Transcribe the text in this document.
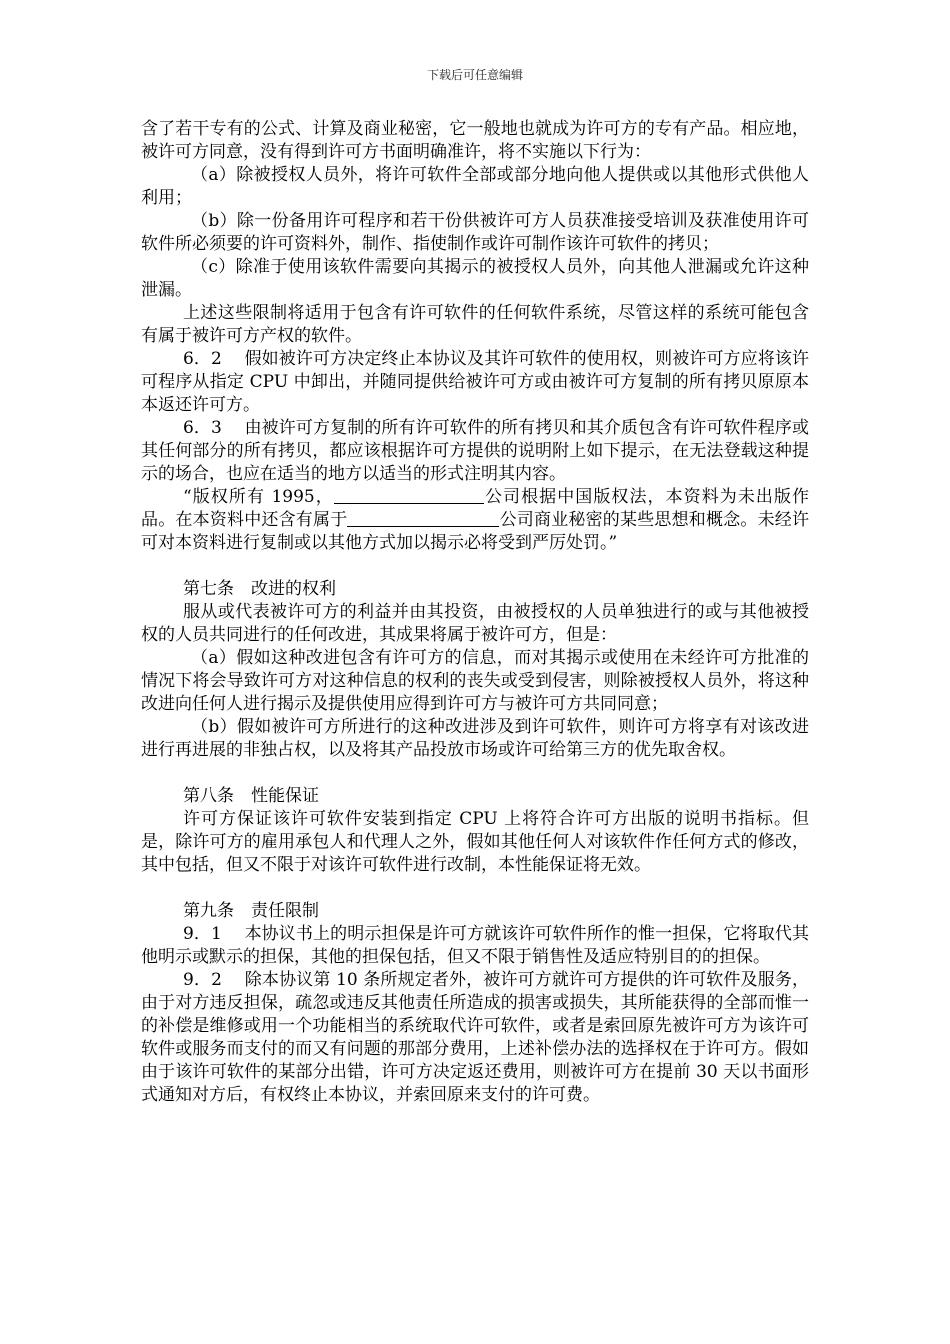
下载后可任意编辑

含了若干专有的公式、计算及商业秘密，它一般地也就成为许可方的专有产品。相应地，被许可方同意，没有得到许可方书面明确准许，将不实施以下行为：

（a）除被授权人员外，将许可软件全部或部分地向他人提供或以其他形式供他人利用；

（b）除一份备用许可程序和若干份供被许可方人员获准接受培训及获准使用许可软件所必须要的许可资料外，制作、指使制作或许可制作该许可软件的拷贝；

（c）除准于使用该软件需要向其揭示的被授权人员外，向其他人泄漏或允许这种泄漏。

上述这些限制将适用于包含有许可软件的任何软件系统，尽管这样的系统可能包含有属于被许可方产权的软件。

6．2　 假如被许可方决定终止本协议及其许可软件的使用权，则被许可方应将该许可程序从指定 CPU 中卸出，并随同提供给被许可方或由被许可方复制的所有拷贝原原本本返还许可方。

6．3　 由被许可方复制的所有许可软件的所有拷贝和其介质包含有许可软件程序或其任何部分的所有拷贝，都应该根据许可方提供的说明附上如下提示，在无法登载这种提示的场合，也应在适当的地方以适当的形式注明其内容。

“版权所有 1995，	公司根据中国版权法，本资料为未出版作品。在本资料中还含有属于	公司商业秘密的某些思想和概念。未经许可对本资料进行复制或以其他方式加以揭示必将受到严厉处罚。”

第七条　改进的权利

服从或代表被许可方的利益并由其投资，由被授权的人员单独进行的或与其他被授权的人员共同进行的任何改进，其成果将属于被许可方，但是：

（a）假如这种改进包含有许可方的信息，而对其揭示或使用在未经许可方批准的情况下将会导致许可方对这种信息的权利的丧失或受到侵害，则除被授权人员外，将这种改进向任何人进行揭示及提供使用应得到许可方与被许可方共同同意；

（b）假如被许可方所进行的这种改进涉及到许可软件，则许可方将享有对该改进进行再进展的非独占权，以及将其产品投放市场或许可给第三方的优先取舍权。

第八条　性能保证

许可方保证该许可软件安装到指定 CPU 上将符合许可方出版的说明书指标。但是，除许可方的雇用承包人和代理人之外，假如其他任何人对该软件作任何方式的修改，其中包括，但又不限于对该许可软件进行改制，本性能保证将无效。

第九条　责任限制

9．1　 本协议书上的明示担保是许可方就该许可软件所作的惟一担保，它将取代其他明示或默示的担保，其他的担保包括，但又不限于销售性及适应特别目的的担保。

9．2　 除本协议第 10 条所规定者外，被许可方就许可方提供的许可软件及服务，由于对方违反担保，疏忽或违反其他责任所造成的损害或损失，其所能获得的全部而惟一的补偿是维修或用一个功能相当的系统取代许可软件，或者是索回原先被许可方为该许可软件或服务而支付的而又有问题的那部分费用，上述补偿办法的选择权在于许可方。假如由于该许可软件的某部分出错，许可方决定返还费用，则被许可方在提前 30 天以书面形式通知对方后，有权终止本协议，并索回原来支付的许可费。
